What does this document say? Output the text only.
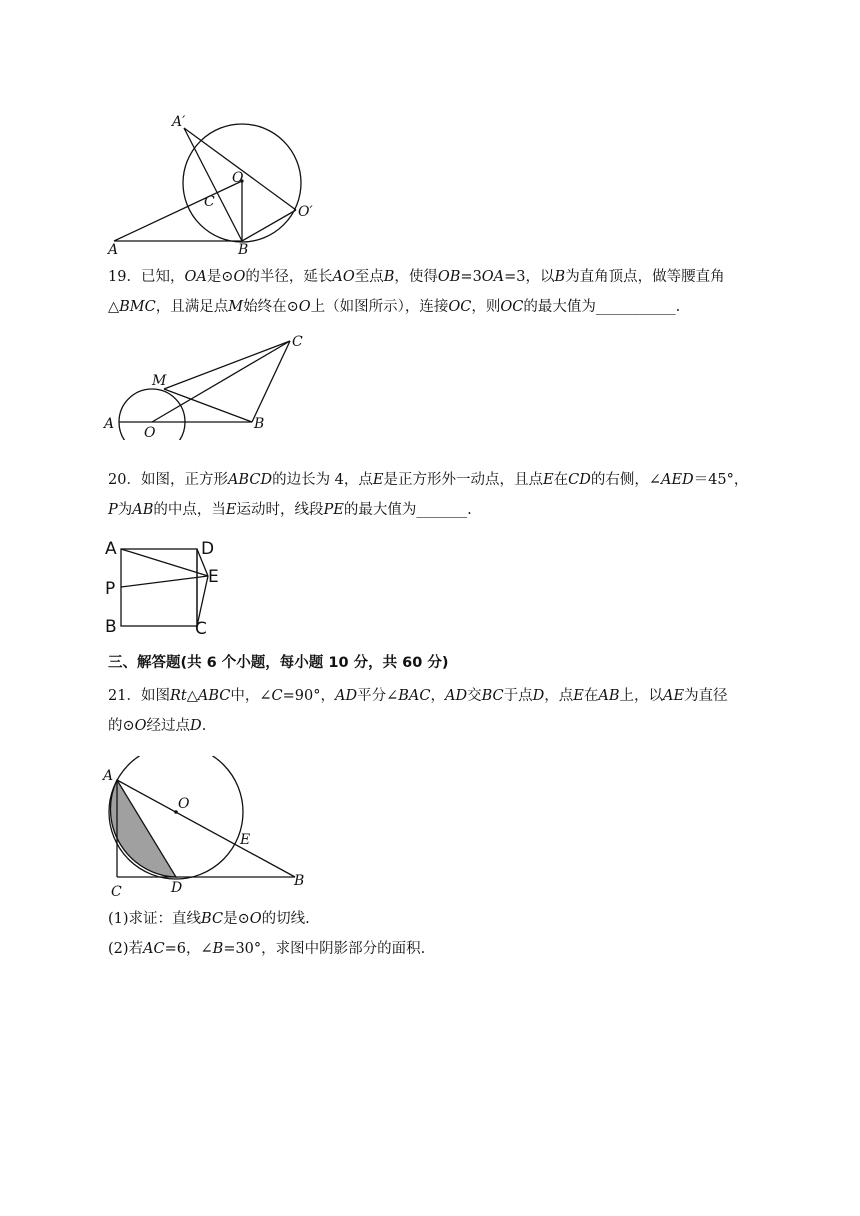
A′
O
C
O′
A	B
19．已知，OA是⊙O的半径，延长AO至点B，使得OB=3OA=3，以B为直角顶点，做等腰直角
△BMC，且满足点M始终在⊙O上（如图所示），连接OC，则OC的最大值为___________.
C
M
A
O
B
20．如图，正方形ABCD的边长为 4，点E是正方形外一动点，且点E在CD的右侧，∠AED＝45°，
P为AB的中点，当E运动时，线段PE的最大值为_______.
A	D
E
P
B	C
三、解答题(共 6 个小题，每小题 10 分，共 60 分)
21．如图Rt△ABC中，∠C=90°，AD平分∠BAC，AD交BC于点D，点E在AB上，以AE为直径
的⊙O经过点D.
A
O
E
C	D	B
(1)求证：直线BC是⊙O的切线.
(2)若AC=6，∠B=30°，求图中阴影部分的面积.
